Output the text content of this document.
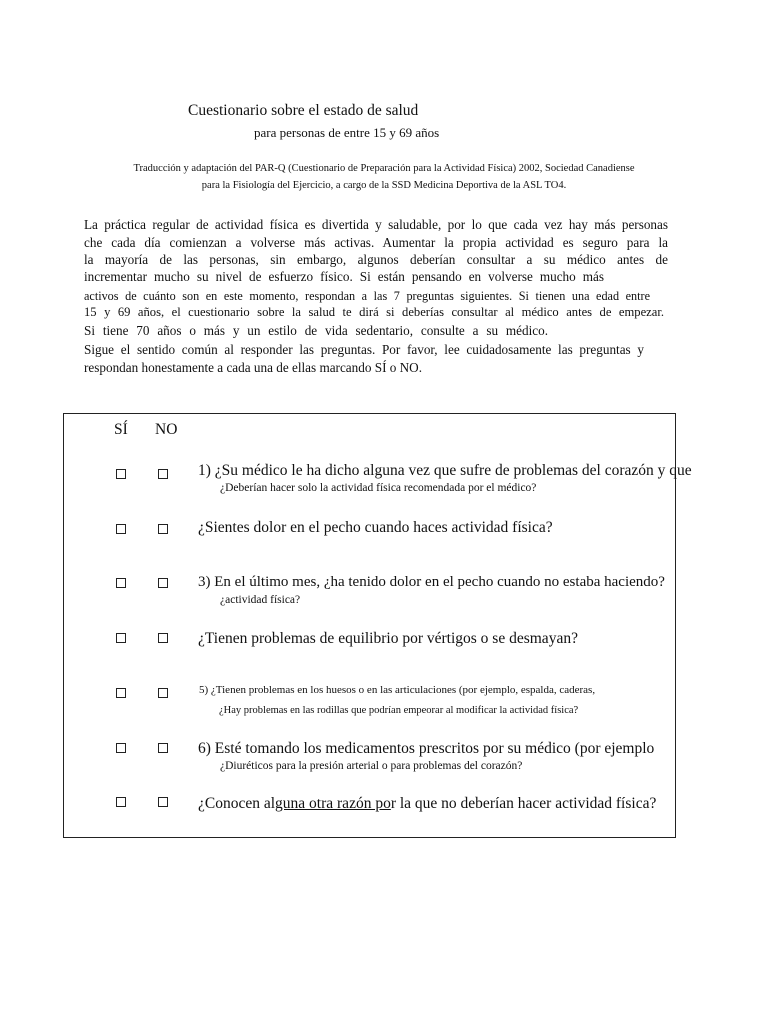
Cuestionario sobre el estado de salud
para personas de entre 15 y 69 años
Traducción y adaptación del PAR-Q (Cuestionario de Preparación para la Actividad Física) 2002, Sociedad Canadiense
para la Fisiología del Ejercicio, a cargo de la SSD Medicina Deportiva de la ASL TO4.
La práctica regular de actividad física es divertida y saludable, por lo que cada vez hay más personas
che cada día comienzan a volverse más activas. Aumentar la propia actividad es seguro para la
la mayoría de las personas, sin embargo, algunos deberían consultar a su médico antes de
incrementar mucho su nivel de esfuerzo físico. Si están pensando en volverse mucho más
activos de cuánto son en este momento, respondan a las 7 preguntas siguientes. Si tienen una edad entre
15 y 69 años, el cuestionario sobre la salud te dirá si deberías consultar al médico antes de empezar.
Si tiene 70 años o más y un estilo de vida sedentario, consulte a su médico.
Sigue el sentido común al responder las preguntas. Por favor, lee cuidadosamente las preguntas y
respondan honestamente a cada una de ellas marcando SÍ o NO.
SÍ NO
1) ¿Su médico le ha dicho alguna vez que sufre de problemas del corazón y que
¿Deberían hacer solo la actividad física recomendada por el médico?
¿Sientes dolor en el pecho cuando haces actividad física?
3) En el último mes, ¿ha tenido dolor en el pecho cuando no estaba haciendo?
¿actividad física?
¿Tienen problemas de equilibrio por vértigos o se desmayan?
5) ¿Tienen problemas en los huesos o en las articulaciones (por ejemplo, espalda, caderas,
¿Hay problemas en las rodillas que podrían empeorar al modificar la actividad física?
6) Esté tomando los medicamentos prescritos por su médico (por ejemplo
¿Diuréticos para la presión arterial o para problemas del corazón?
¿Conocen alguna otra razón por la que no deberían hacer actividad física?
